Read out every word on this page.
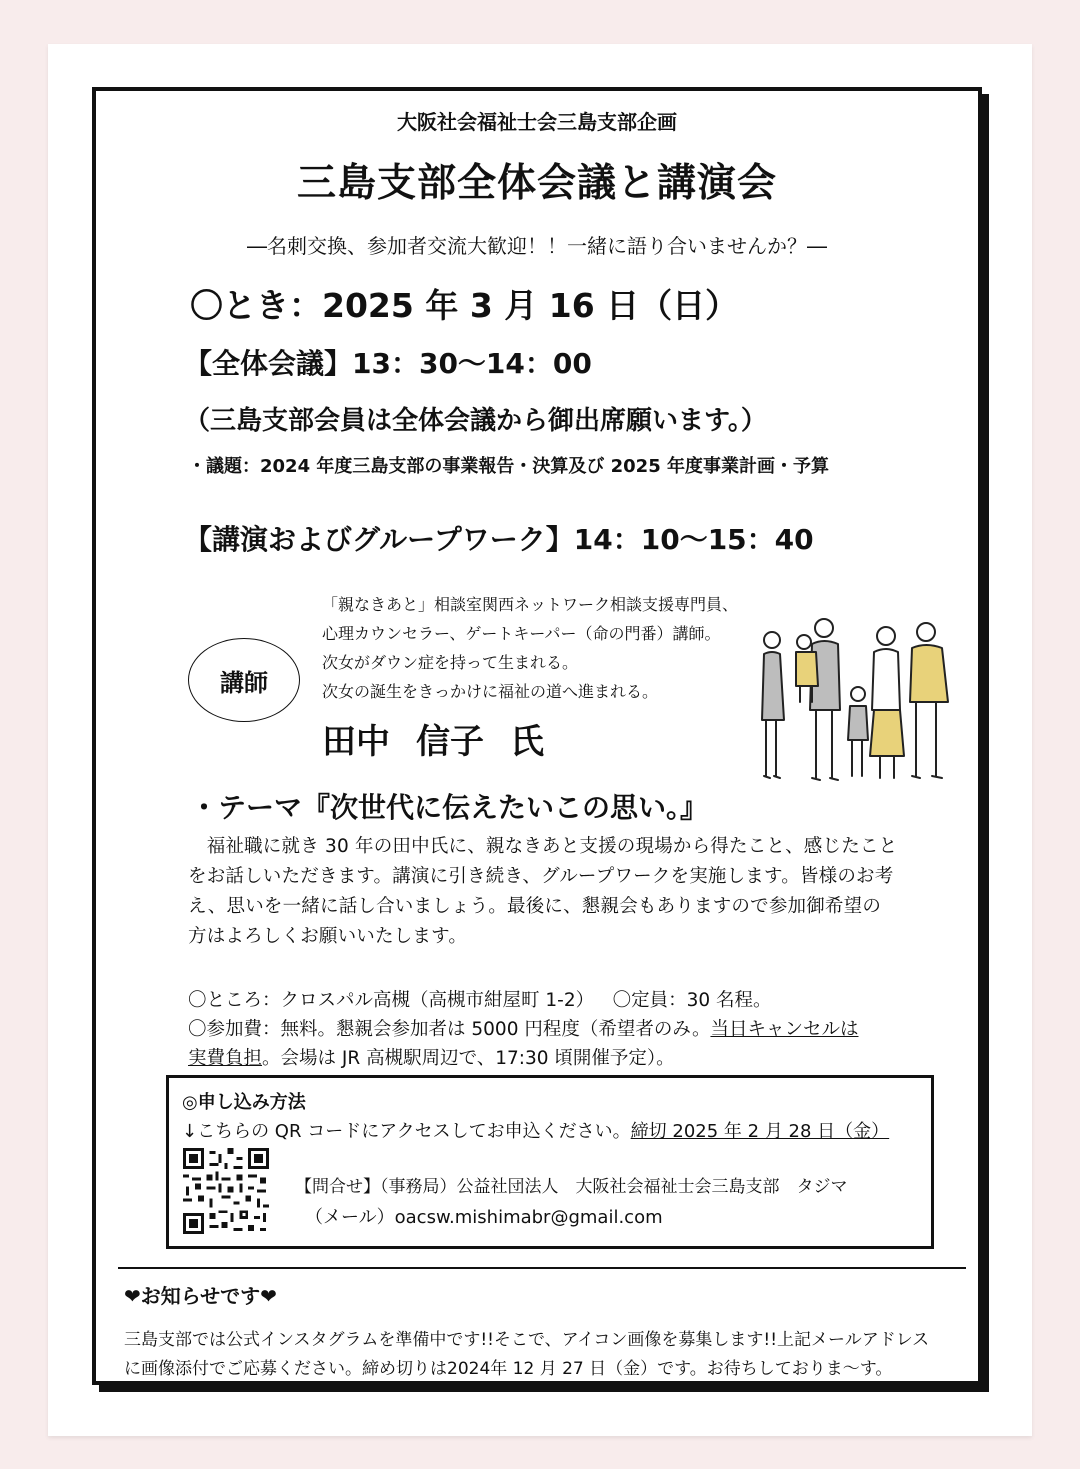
大阪社会福祉士会三島支部企画
三島支部全体会議と講演会
―名刺交換、参加者交流大歓迎！！一緒に語り合いませんか？―
〇とき：2025 年 3 月 16 日（日）
【全体会議】13：30～14：00
（三島支部会員は全体会議から御出席願います。）
・議題：2024 年度三島支部の事業報告・決算及び 2025 年度事業計画・予算
【講演およびグループワーク】14：10～15：40
講師
「親なきあと」相談室関西ネットワーク相談支援専門員、
心理カウンセラー、ゲートキーパー（命の門番）講師。
次女がダウン症を持って生まれる。
次女の誕生をきっかけに福祉の道へ進まれる。
田中 信子 氏
・テーマ『次世代に伝えたいこの思い。』
 福祉職に就き 30 年の田中氏に、親なきあと支援の現場から得たこと、感じたことをお話しいただきます。講演に引き続き、グループワークを実施します。皆様のお考え、思いを一緒に話し合いましょう。最後に、懇親会もありますので参加御希望の方はよろしくお願いいたします。
〇ところ：クロスパル高槻（高槻市紺屋町 1-2）  〇定員：30 名程。
〇参加費：無料。懇親会参加者は 5000 円程度（希望者のみ。当日キャンセルは
実費負担。会場は JR 高槻駅周辺で、17:30 頃開催予定）。
◎申し込み方法
↓こちらの QR コードにアクセスしてお申込ください。締切 2025 年 2 月 28 日（金）
【問合せ】（事務局）公益社団法人　大阪社会福祉士会三島支部　タジマ
（メール）oacsw.mishimabr@gmail.com
❤お知らせです❤
三島支部では公式インスタグラムを準備中です!!そこで、アイコン画像を募集します!!上記メールアドレス
に画像添付でご応募ください。締め切りは2024年 12 月 27 日（金）です。お待ちしておりま～す。
